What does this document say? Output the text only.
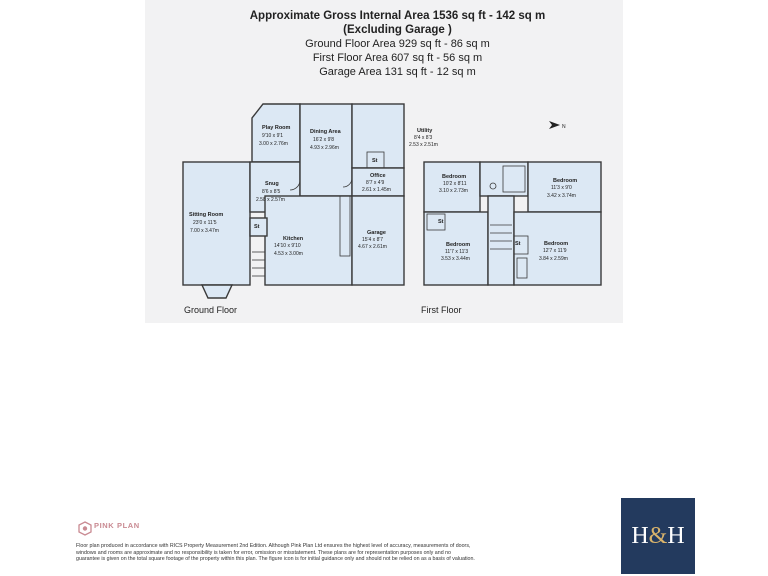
Approximate Gross Internal Area 1536 sq ft - 142 sq m
(Excluding Garage )
Ground Floor Area 929 sq ft - 86 sq m
First Floor Area 607 sq ft - 56 sq m
Garage Area 131 sq ft - 12 sq m
Play Room
9'10 x 9'1
3.00 x 2.76m
Dining Area
16'2 x 9'8
4.93 x 2.96m
Utility
8'4 x 8'3
2.53 x 2.51m
St
Office
8'7 x 4'9
2.61 x 1.45m
Snug
8'6 x 8'5
2.58 x 2.57m
Sitting Room
23'0 x 11'5
7.00 x 3.47m
St
Kitchen
14'10 x 9'10
4.53 x 3.00m
Garage
15'4 x 8'7
4.67 x 2.61m
N
Bedroom
10'2 x 8'11
3.10 x 2.73m
Bedroom
11'3 x 9'0
3.42 x 3.74m
Bedroom
11'7 x 11'3
3.53 x 3.44m
Bedroom
12'7 x 11'9
3.84 x 2.59m
St
St
Ground Floor	First Floor
PINK PLAN
Floor plan produced in accordance with RICS Property Measurement 2nd Edition. Although Pink Plan Ltd ensures the highest level of accuracy, measurements of doors, windows and rooms are approximate and no responsibility is taken for error, omission or misstatement. These plans are for representation purposes only and no guarantee is given on the total square footage of the property within this plan. The figure icon is for initial guidance only and should not be relied on as a basis of valuation.
H & H
